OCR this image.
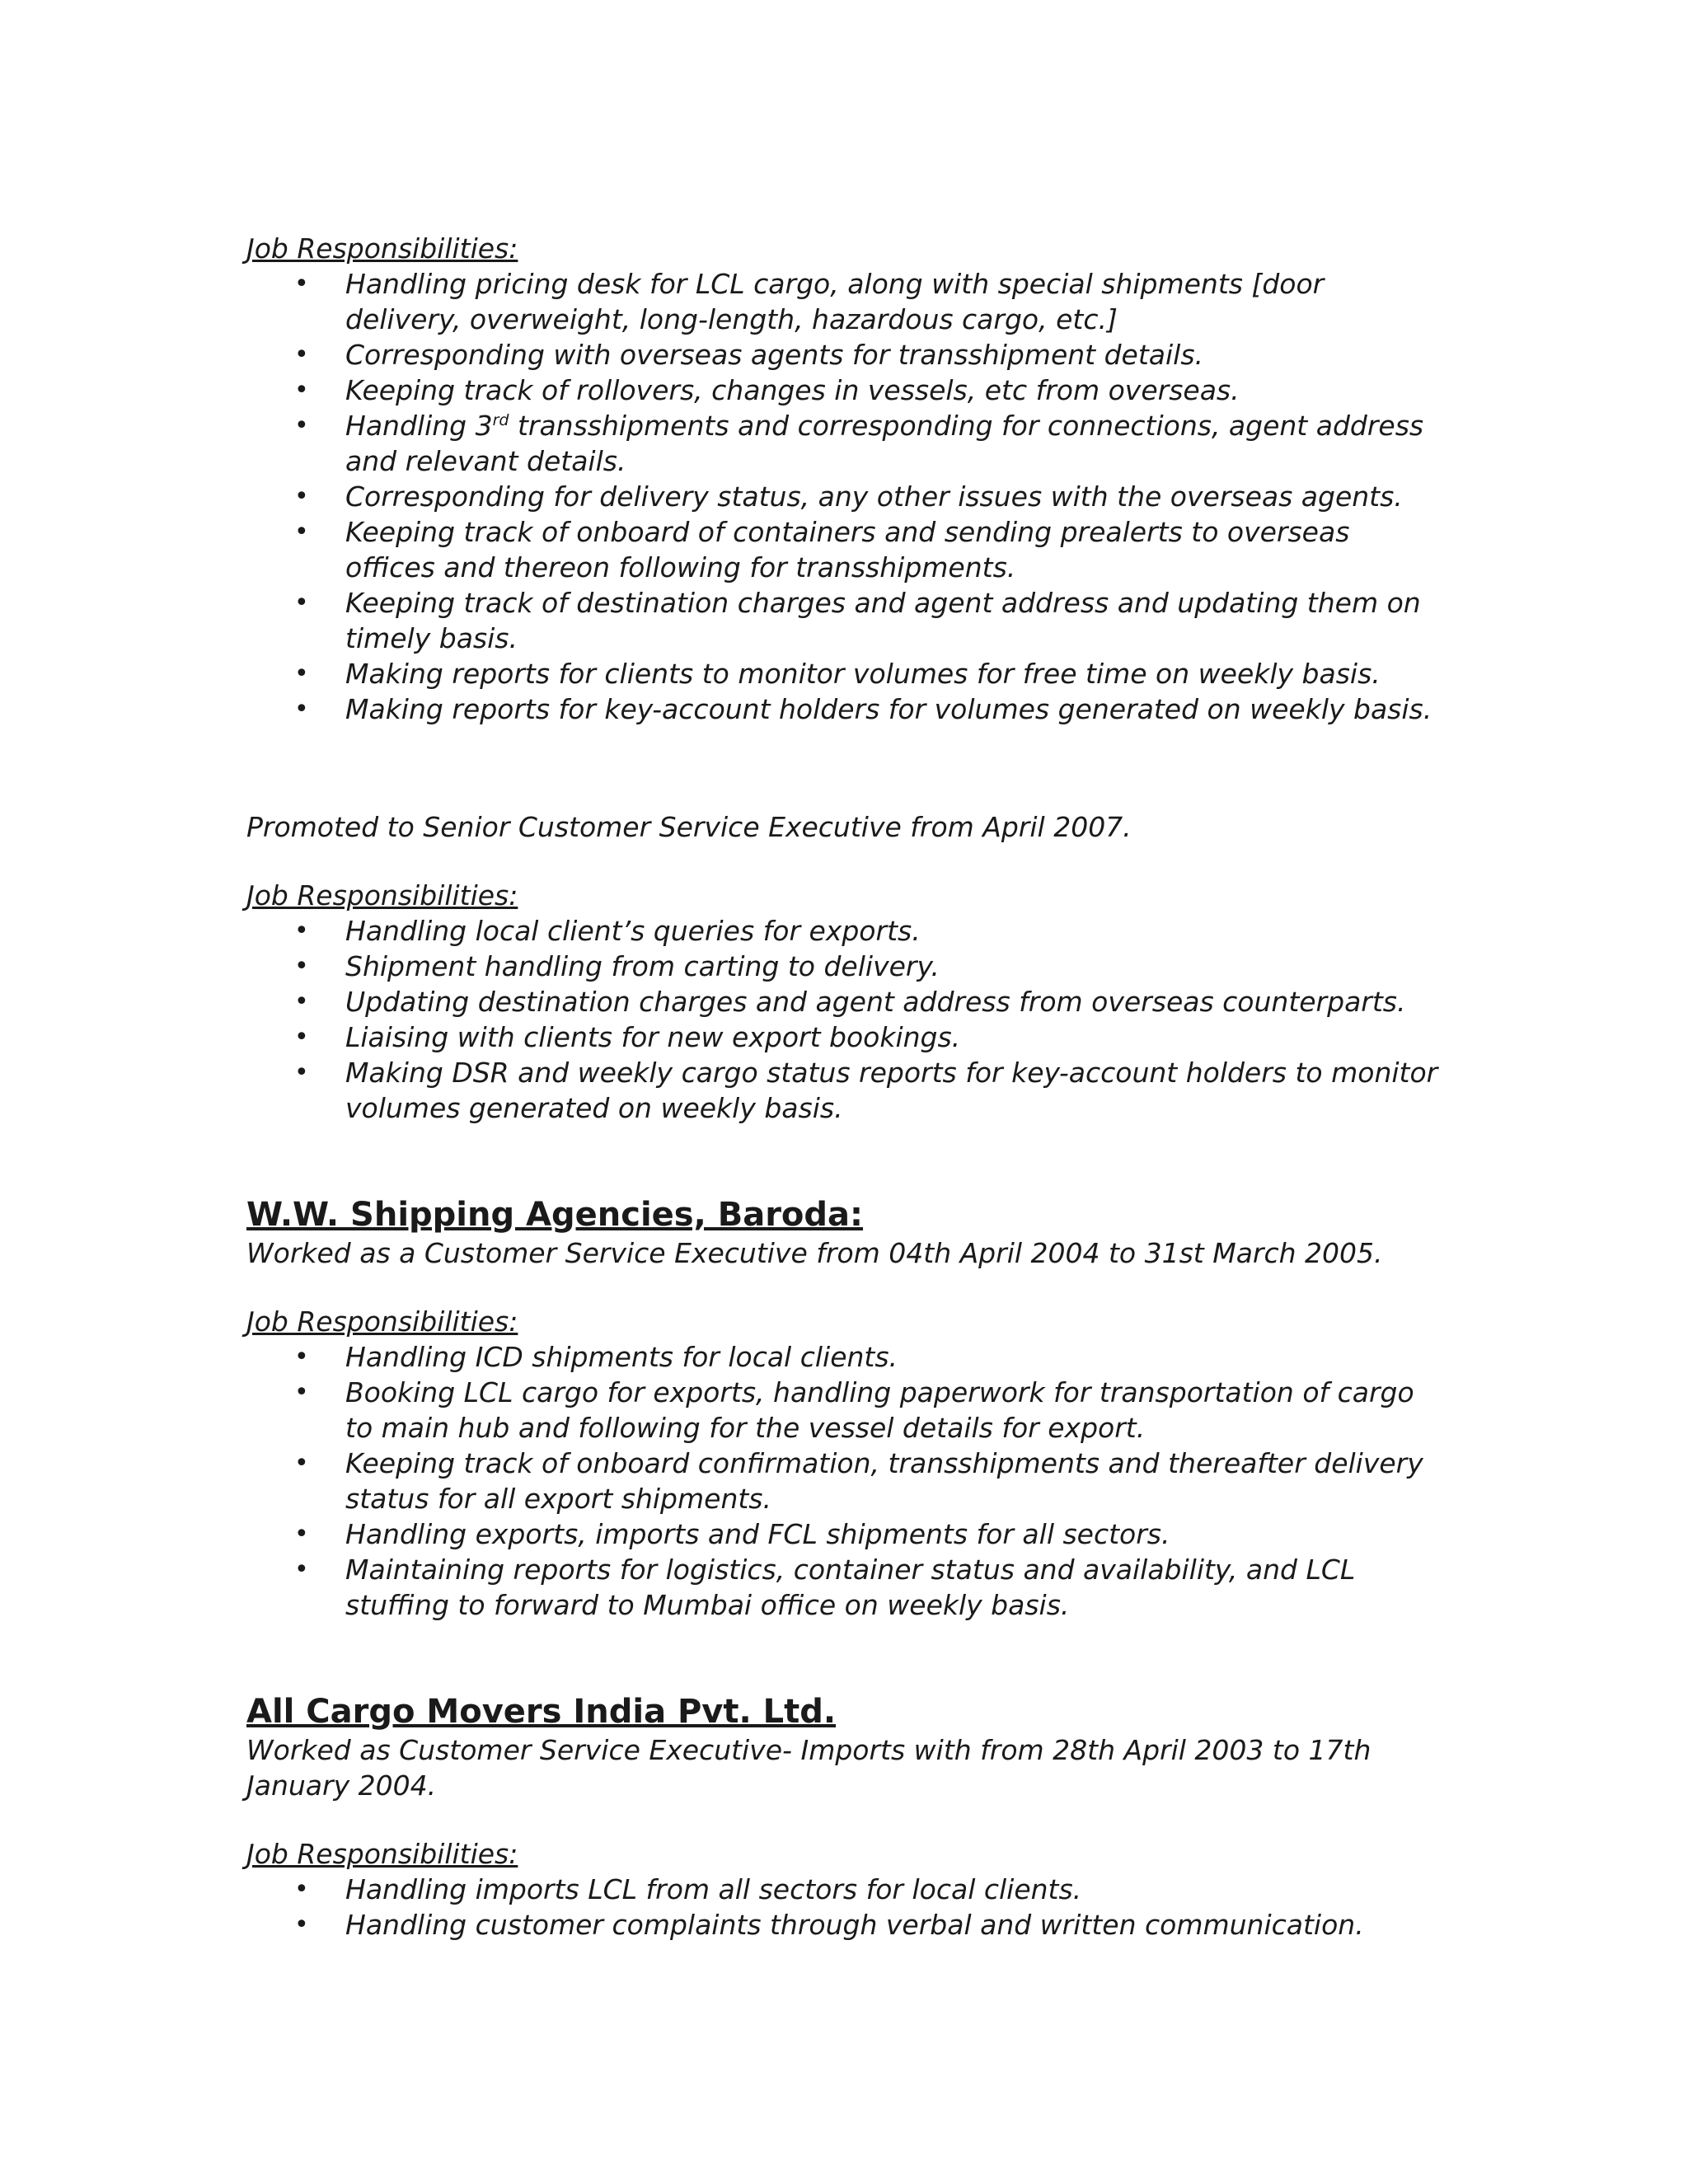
Job Responsibilities:
• Handling pricing desk for LCL cargo, along with special shipments [door delivery, overweight, long-length, hazardous cargo, etc.]
• Corresponding with overseas agents for transshipment details.
• Keeping track of rollovers, changes in vessels, etc from overseas.
• Handling 3rd transshipments and corresponding for connections, agent address and relevant details.
• Corresponding for delivery status, any other issues with the overseas agents.
• Keeping track of onboard of containers and sending prealerts to overseas offices and thereon following for transshipments.
• Keeping track of destination charges and agent address and updating them on timely basis.
• Making reports for clients to monitor volumes for free time on weekly basis.
• Making reports for key-account holders for volumes generated on weekly basis.
Promoted to Senior Customer Service Executive from April 2007.
Job Responsibilities:
• Handling local client’s queries for exports.
• Shipment handling from carting to delivery.
• Updating destination charges and agent address from overseas counterparts.
• Liaising with clients for new export bookings.
• Making DSR and weekly cargo status reports for key-account holders to monitor volumes generated on weekly basis.
W.W. Shipping Agencies, Baroda:
Worked as a Customer Service Executive from 04th April 2004 to 31st March 2005.
Job Responsibilities:
• Handling ICD shipments for local clients.
• Booking LCL cargo for exports, handling paperwork for transportation of cargo to main hub and following for the vessel details for export.
• Keeping track of onboard confirmation, transshipments and thereafter delivery status for all export shipments.
• Handling exports, imports and FCL shipments for all sectors.
• Maintaining reports for logistics, container status and availability, and LCL stuffing to forward to Mumbai office on weekly basis.
All Cargo Movers India Pvt. Ltd.
Worked as Customer Service Executive- Imports with from 28th April 2003 to 17th January 2004.
Job Responsibilities:
• Handling imports LCL from all sectors for local clients.
• Handling customer complaints through verbal and written communication.
